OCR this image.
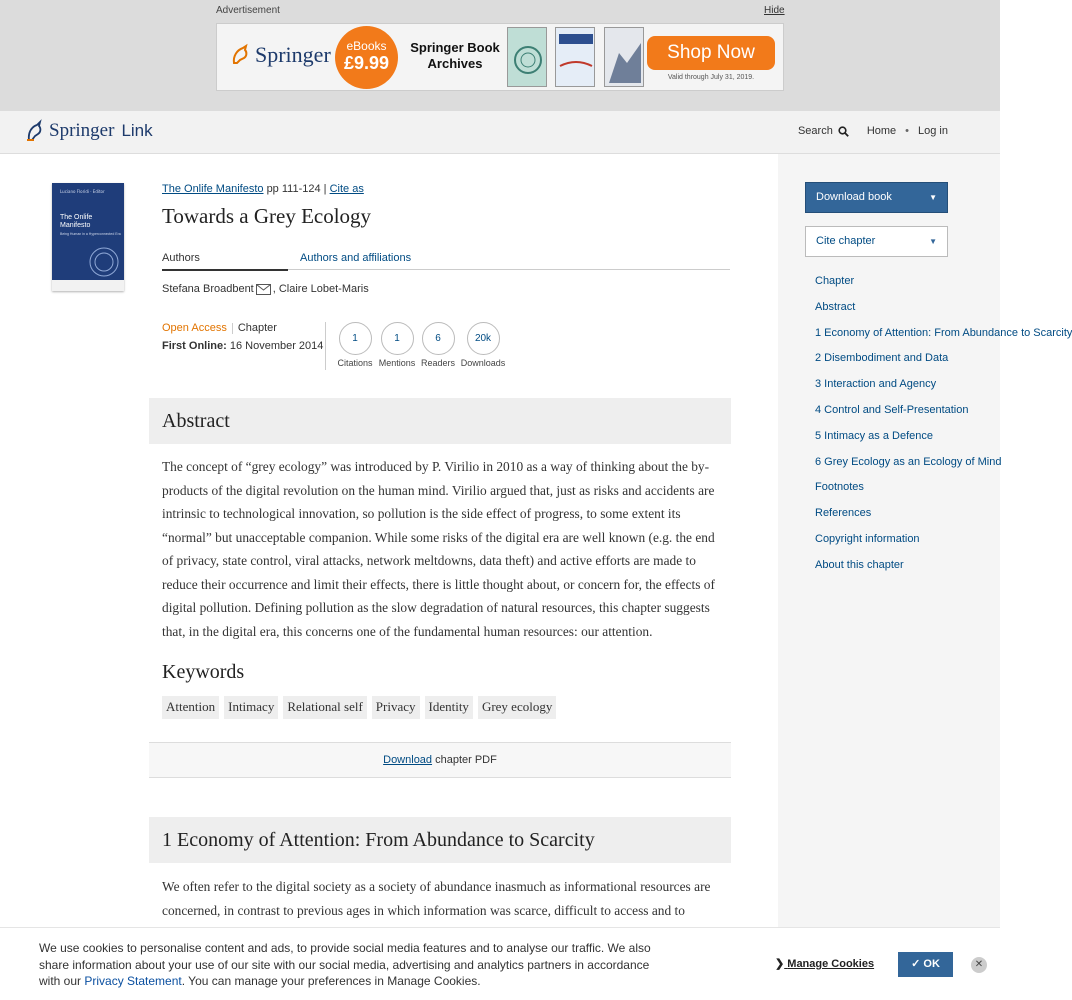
Advertisement	Hide
Springer	eBooks
£9.99
Springer Book Archives
Shop Now
Valid through July 31, 2019.
Springer Link	Search	Home • Log in
Luciano Floridi · Editor
The Onlife Manifesto
Being Human in a Hyperconnected Era
The Onlife Manifesto pp 111-124 | Cite as
Towards a Grey Ecology
Authors	Authors and affiliations
Stefana Broadbent , Claire Lobet-Maris
Open Access Chapter
First Online: 16 November 2014
1
Citations
1
Mentions
6
Readers
20k
Downloads
Abstract

The concept of “grey ecology” was introduced by P. Virilio in 2010 as a way of thinking about the by-products of the digital revolution on the human mind. Virilio argued that, just as risks and accidents are intrinsic to technological innovation, so pollution is the side effect of progress, to some extent its “normal” but unacceptable companion. While some risks of the digital era are well known (e.g. the end of privacy, state control, viral attacks, network meltdowns, data theft) and active efforts are made to reduce their occurrence and limit their effects, there is little thought about, or concern for, the effects of digital pollution. Defining pollution as the slow degradation of natural resources, this chapter suggests that, in the digital era, this concerns one of the fundamental human resources: our attention.

Keywords
Attention	Intimacy	Relational self	Privacy	Identity	Grey ecology
Download chapter PDF
1 Economy of Attention: From Abundance to Scarcity

We often refer to the digital society as a society of abundance inasmuch as informational resources are concerned, in contrast to previous ages in which information was scarce, difficult to access and to

Download book	▼
Cite chapter	▼
Chapter
Abstract
1 Economy of Attention: From Abundance to Scarcity
2 Disembodiment and Data
3 Interaction and Agency
4 Control and Self-Presentation
5 Intimacy as a Defence
6 Grey Ecology as an Ecology of Mind
Footnotes
References
Copyright information
About this chapter

We use cookies to personalise content and ads, to provide social media features and to analyse our traffic. We also share information about your use of our site with our social media, advertising and analytics partners in accordance with our Privacy Statement. You can manage your preferences in Manage Cookies.

❯ Manage Cookies	✓ OK	✕
